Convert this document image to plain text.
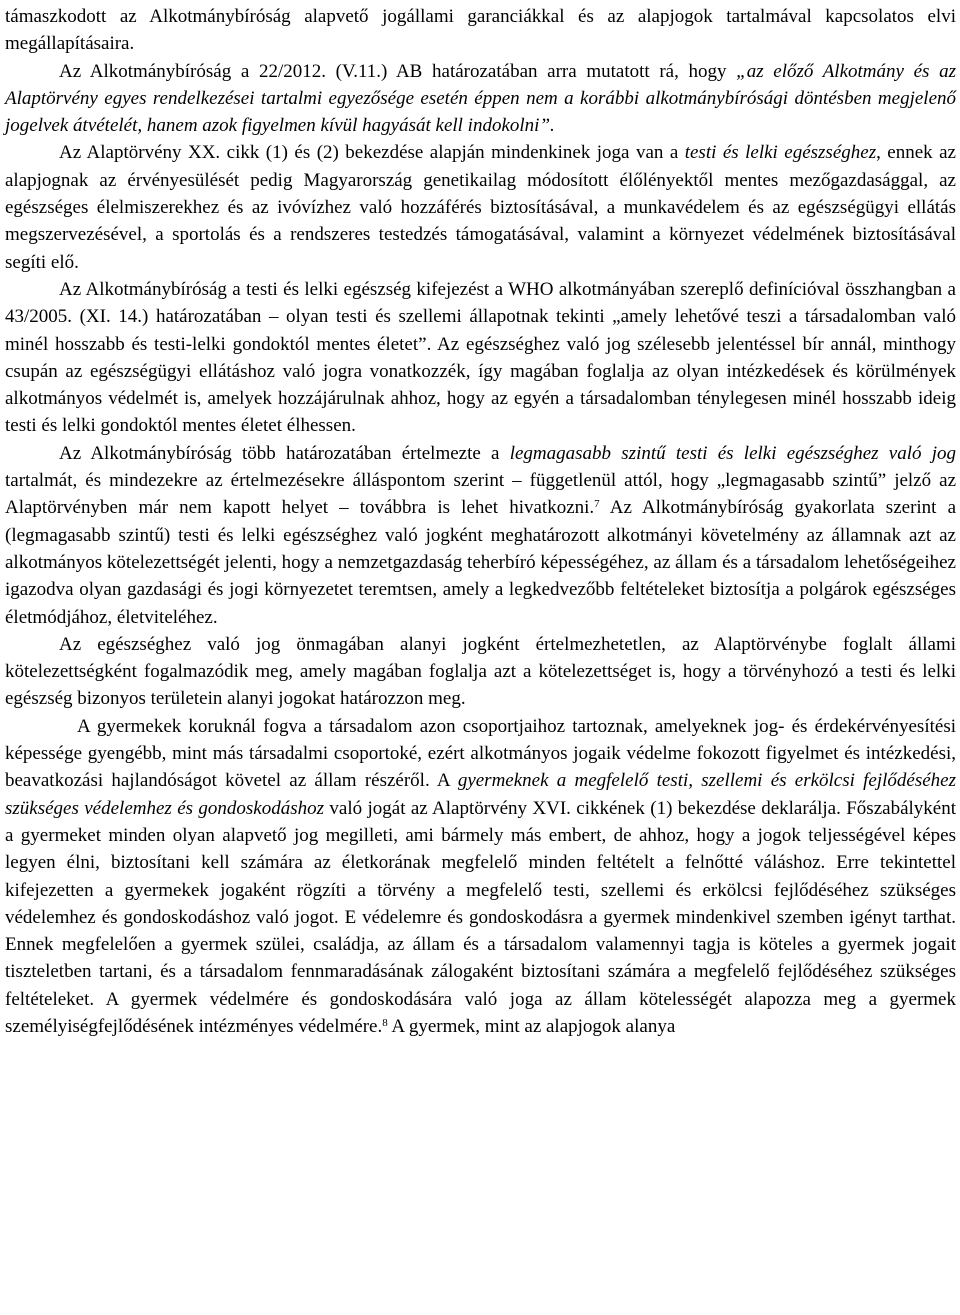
támaszkodott az Alkotmánybíróság alapvető jogállami garanciákkal és az alapjogok tartalmával kapcsolatos elvi megállapításaira.

Az Alkotmánybíróság a 22/2012. (V.11.) AB határozatában arra mutatott rá, hogy „az előző Alkotmány és az Alaptörvény egyes rendelkezései tartalmi egyezősége esetén éppen nem a korábbi alkotmánybírósági döntésben megjelenő jogelvek átvételét, hanem azok figyelmen kívül hagyását kell indokolni”.

Az Alaptörvény XX. cikk (1) és (2) bekezdése alapján mindenkinek joga van a testi és lelki egészséghez, ennek az alapjognak az érvényesülését pedig Magyarország genetikailag módosított élőlényektől mentes mezőgazdasággal, az egészséges élelmiszerekhez és az ivóvízhez való hozzáférés biztosításával, a munkavédelem és az egészségügyi ellátás megszervezésével, a sportolás és a rendszeres testedzés támogatásával, valamint a környezet védelmének biztosításával segíti elő.

Az Alkotmánybíróság a testi és lelki egészség kifejezést a WHO alkotmányában szereplő definícióval összhangban a 43/2005. (XI. 14.) határozatában – olyan testi és szellemi állapotnak tekinti „amely lehetővé teszi a társadalomban való minél hosszabb és testi-lelki gondoktól mentes életet”. Az egészséghez való jog szélesebb jelentéssel bír annál, minthogy csupán az egészségügyi ellátáshoz való jogra vonatkozzék, így magában foglalja az olyan intézkedések és körülmények alkotmányos védelmét is, amelyek hozzájárulnak ahhoz, hogy az egyén a társadalomban ténylegesen minél hosszabb ideig testi és lelki gondoktól mentes életet élhessen.

Az Alkotmánybíróság több határozatában értelmezte a legmagasabb szintű testi és lelki egészséghez való jog tartalmát, és mindezekre az értelmezésekre álláspontom szerint – függetlenül attól, hogy „legmagasabb szintű” jelző az Alaptörvényben már nem kapott helyet – továbbra is lehet hivatkozni.$^7$ Az Alkotmánybíróság gyakorlata szerint a (legmagasabb szintű) testi és lelki egészséghez való jogként meghatározott alkotmányi követelmény az államnak azt az alkotmányos kötelezettségét jelenti, hogy a nemzetgazdaság teherbíró képességéhez, az állam és a társadalom lehetőségeihez igazodva olyan gazdasági és jogi környezetet teremtsen, amely a legkedvezőbb feltételeket biztosítja a polgárok egészséges életmódjához, életviteléhez.

Az egészséghez való jog önmagában alanyi jogként értelmezhetetlen, az Alaptörvénybe foglalt állami kötelezettségként fogalmazódik meg, amely magában foglalja azt a kötelezettséget is, hogy a törvényhozó a testi és lelki egészség bizonyos területein alanyi jogokat határozzon meg.

A gyermekek koruknál fogva a társadalom azon csoportjaihoz tartoznak, amelyeknek jog- és érdekérvényesítési képessége gyengébb, mint más társadalmi csoportoké, ezért alkotmányos jogaik védelme fokozott figyelmet és intézkedési, beavatkozási hajlandóságot követel az állam részéről. A gyermeknek a megfelelő testi, szellemi és erkölcsi fejlődéséhez szükséges védelemhez és gondoskodáshoz való jogát az Alaptörvény XVI. cikkének (1) bekezdése deklarálja. Főszabályként a gyermeket minden olyan alapvető jog megilleti, ami bármely más embert, de ahhoz, hogy a jogok teljességével képes legyen élni, biztosítani kell számára az életkorának megfelelő minden feltételt a felnőtté váláshoz. Erre tekintettel kifejezetten a gyermekek jogaként rögzíti a törvény a megfelelő testi, szellemi és erkölcsi fejlődéséhez szükséges védelemhez és gondoskodáshoz való jogot. E védelemre és gondoskodásra a gyermek mindenkivel szemben igényt tarthat. Ennek megfelelően a gyermek szülei, családja, az állam és a társadalom valamennyi tagja is köteles a gyermek jogait tiszteletben tartani, és a társadalom fennmaradásának zálogaként biztosítani számára a megfelelő fejlődéséhez szükséges feltételeket. A gyermek védelmére és gondoskodására való joga az állam kötelességét alapozza meg a gyermek személyiségfejlődésének intézményes védelmére.$^8$ A gyermek, mint az alapjogok alanya
